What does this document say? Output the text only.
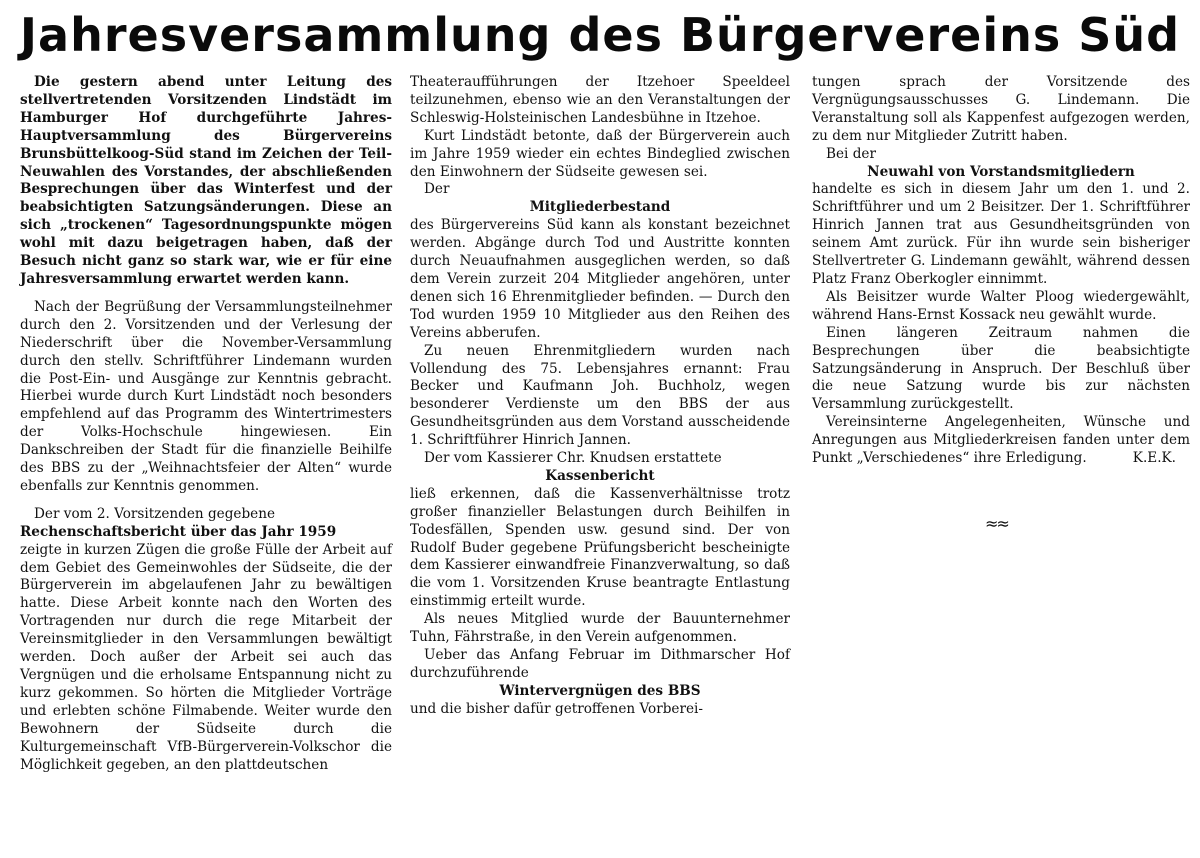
Jahresversammlung des Bürgervereins Süd

Die gestern abend unter Leitung des stellvertretenden Vorsitzenden Lindstädt im Hamburger Hof durchgeführte Jahres-Hauptversammlung des Bürgervereins Brunsbüttelkoog-Süd stand im Zeichen der Teil-Neuwahlen des Vorstandes, der abschließenden Besprechungen über das Winterfest und der beabsichtigten Satzungsänderungen. Diese an sich „trockenen“ Tagesordnungspunkte mögen wohl mit dazu beigetragen haben, daß der Besuch nicht ganz so stark war, wie er für eine Jahresversammlung erwartet werden kann.

Nach der Begrüßung der Versammlungsteilnehmer durch den 2. Vorsitzenden und der Verlesung der Niederschrift über die November-Versammlung durch den stellv. Schriftführer Lindemann wurden die Post-Ein- und Ausgänge zur Kenntnis gebracht. Hierbei wurde durch Kurt Lindstädt noch besonders empfehlend auf das Programm des Wintertrimesters der Volks-Hochschule hingewiesen. Ein Dankschreiben der Stadt für die finanzielle Beihilfe des BBS zu der „Weihnachtsfeier der Alten“ wurde ebenfalls zur Kenntnis genommen.

Der vom 2. Vorsitzenden gegebene

Rechenschaftsbericht über das Jahr 1959

zeigte in kurzen Zügen die große Fülle der Arbeit auf dem Gebiet des Gemeinwohles der Südseite, die der Bürgerverein im abgelaufenen Jahr zu bewältigen hatte. Diese Arbeit konnte nach den Worten des Vortragenden nur durch die rege Mitarbeit der Vereinsmitglieder in den Versammlungen bewältigt werden. Doch außer der Arbeit sei auch das Vergnügen und die erholsame Entspannung nicht zu kurz gekommen. So hörten die Mitglieder Vorträge und erlebten schöne Filmabende. Weiter wurde den Bewohnern der Südseite durch die Kulturgemeinschaft VfB-Bürgerverein-Volkschor die Möglichkeit gegeben, an den plattdeutschen

Theateraufführungen der Itzehoer Speeldeel teilzunehmen, ebenso wie an den Veranstaltungen der Schleswig-Holsteinischen Landesbühne in Itzehoe.

Kurt Lindstädt betonte, daß der Bürgerverein auch im Jahre 1959 wieder ein echtes Bindeglied zwischen den Einwohnern der Südseite gewesen sei.

Der

Mitgliederbestand

des Bürgervereins Süd kann als konstant bezeichnet werden. Abgänge durch Tod und Austritte konnten durch Neuaufnahmen ausgeglichen werden, so daß dem Verein zurzeit 204 Mitglieder angehören, unter denen sich 16 Ehrenmitglieder befinden. — Durch den Tod wurden 1959 10 Mitglieder aus den Reihen des Vereins abberufen.

Zu neuen Ehrenmitgliedern wurden nach Vollendung des 75. Lebensjahres ernannt: Frau Becker und Kaufmann Joh. Buchholz, wegen besonderer Verdienste um den BBS der aus Gesundheitsgründen aus dem Vorstand ausscheidende 1. Schriftführer Hinrich Jannen.

Der vom Kassierer Chr. Knudsen erstattete

Kassenbericht

ließ erkennen, daß die Kassenverhältnisse trotz großer finanzieller Belastungen durch Beihilfen in Todesfällen, Spenden usw. gesund sind. Der von Rudolf Buder gegebene Prüfungsbericht bescheinigte dem Kassierer einwandfreie Finanzverwaltung, so daß die vom 1. Vorsitzenden Kruse beantragte Entlastung einstimmig erteilt wurde.

Als neues Mitglied wurde der Bauunternehmer Tuhn, Fährstraße, in den Verein aufgenommen.

Ueber das Anfang Februar im Dithmarscher Hof durchzuführende

Wintervergnügen des BBS

und die bisher dafür getroffenen Vorberei-

tungen sprach der Vorsitzende des Vergnügungsausschusses G. Lindemann. Die Veranstaltung soll als Kappenfest aufgezogen werden, zu dem nur Mitglieder Zutritt haben.

Bei der

Neuwahl von Vorstandsmitgliedern

handelte es sich in diesem Jahr um den 1. und 2. Schriftführer und um 2 Beisitzer. Der 1. Schriftführer Hinrich Jannen trat aus Gesundheitsgründen von seinem Amt zurück. Für ihn wurde sein bisheriger Stellvertreter G. Lindemann gewählt, während dessen Platz Franz Oberkogler einnimmt.

Als Beisitzer wurde Walter Ploog wiedergewählt, während Hans-Ernst Kossack neu gewählt wurde.

Einen längeren Zeitraum nahmen die Besprechungen über die beabsichtigte Satzungsänderung in Anspruch. Der Beschluß über die neue Satzung wurde bis zur nächsten Versammlung zurückgestellt.

Vereinsinterne Angelegenheiten, Wünsche und Anregungen aus Mitgliederkreisen fanden unter dem Punkt „Verschiedenes“ ihre Erledigung.	K.E.K.

≈≈
